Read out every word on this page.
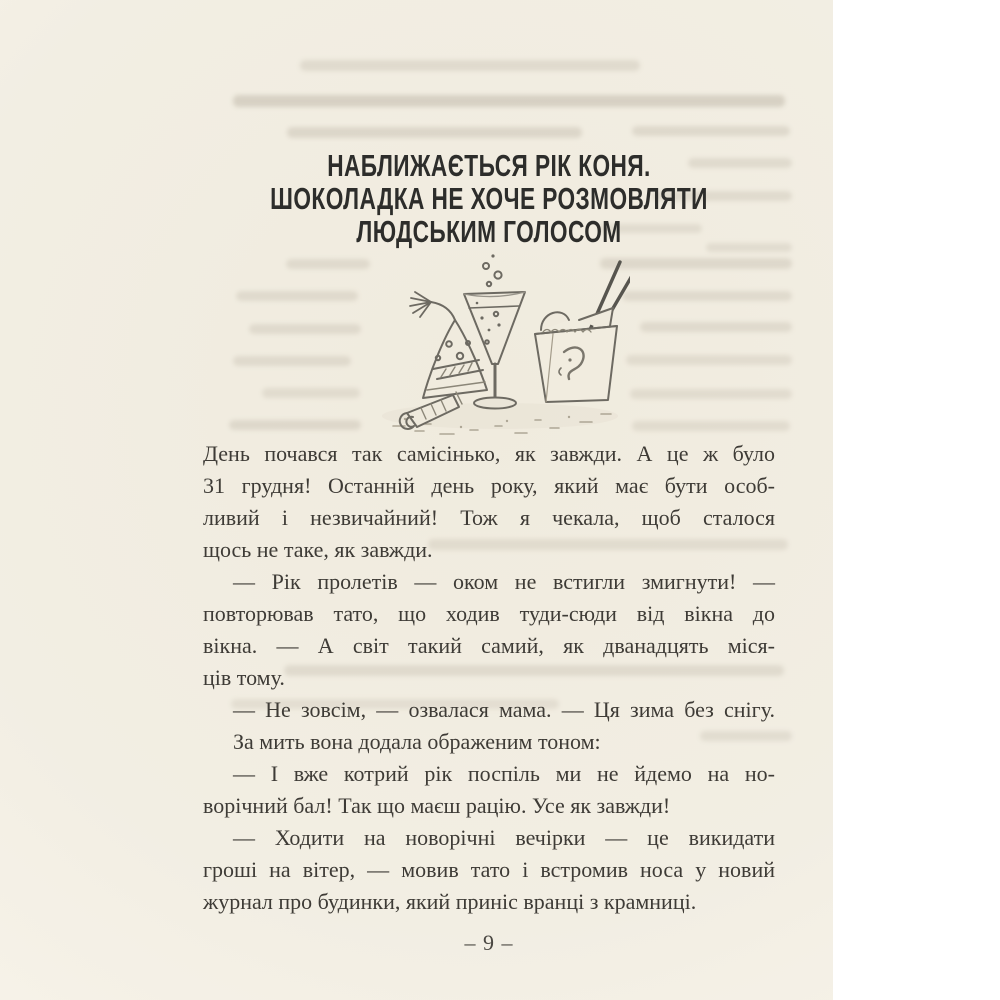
НАБЛИЖАЄТЬСЯ РІК КОНЯ.
ШОКОЛАДКА НЕ ХОЧЕ РОЗМОВЛЯТИ
ЛЮДСЬКИМ ГОЛОСОМ
День почався так самісінько, як завжди. А це ж було
31 грудня! Останній день року, який має бути особ-
ливий і незвичайний! Тож я чекала, щоб сталося
щось не таке, як завжди.
— Рік пролетів — оком не встигли змигнути! —
повторював тато, що ходив туди-сюди від вікна до
вікна. — А світ такий самий, як дванадцять міся-
ців тому.
— Не зовсім, — озвалася мама. — Ця зима без снігу.
За мить вона додала ображеним тоном:
— І вже котрий рік поспіль ми не йдемо на но-
ворічний бал! Так що маєш рацію. Усе як завжди!
— Ходити на новорічні вечірки — це викидати
гроші на вітер, — мовив тато і встромив носа у новий
журнал про будинки, який приніс вранці з крамниці.
– 9 –
